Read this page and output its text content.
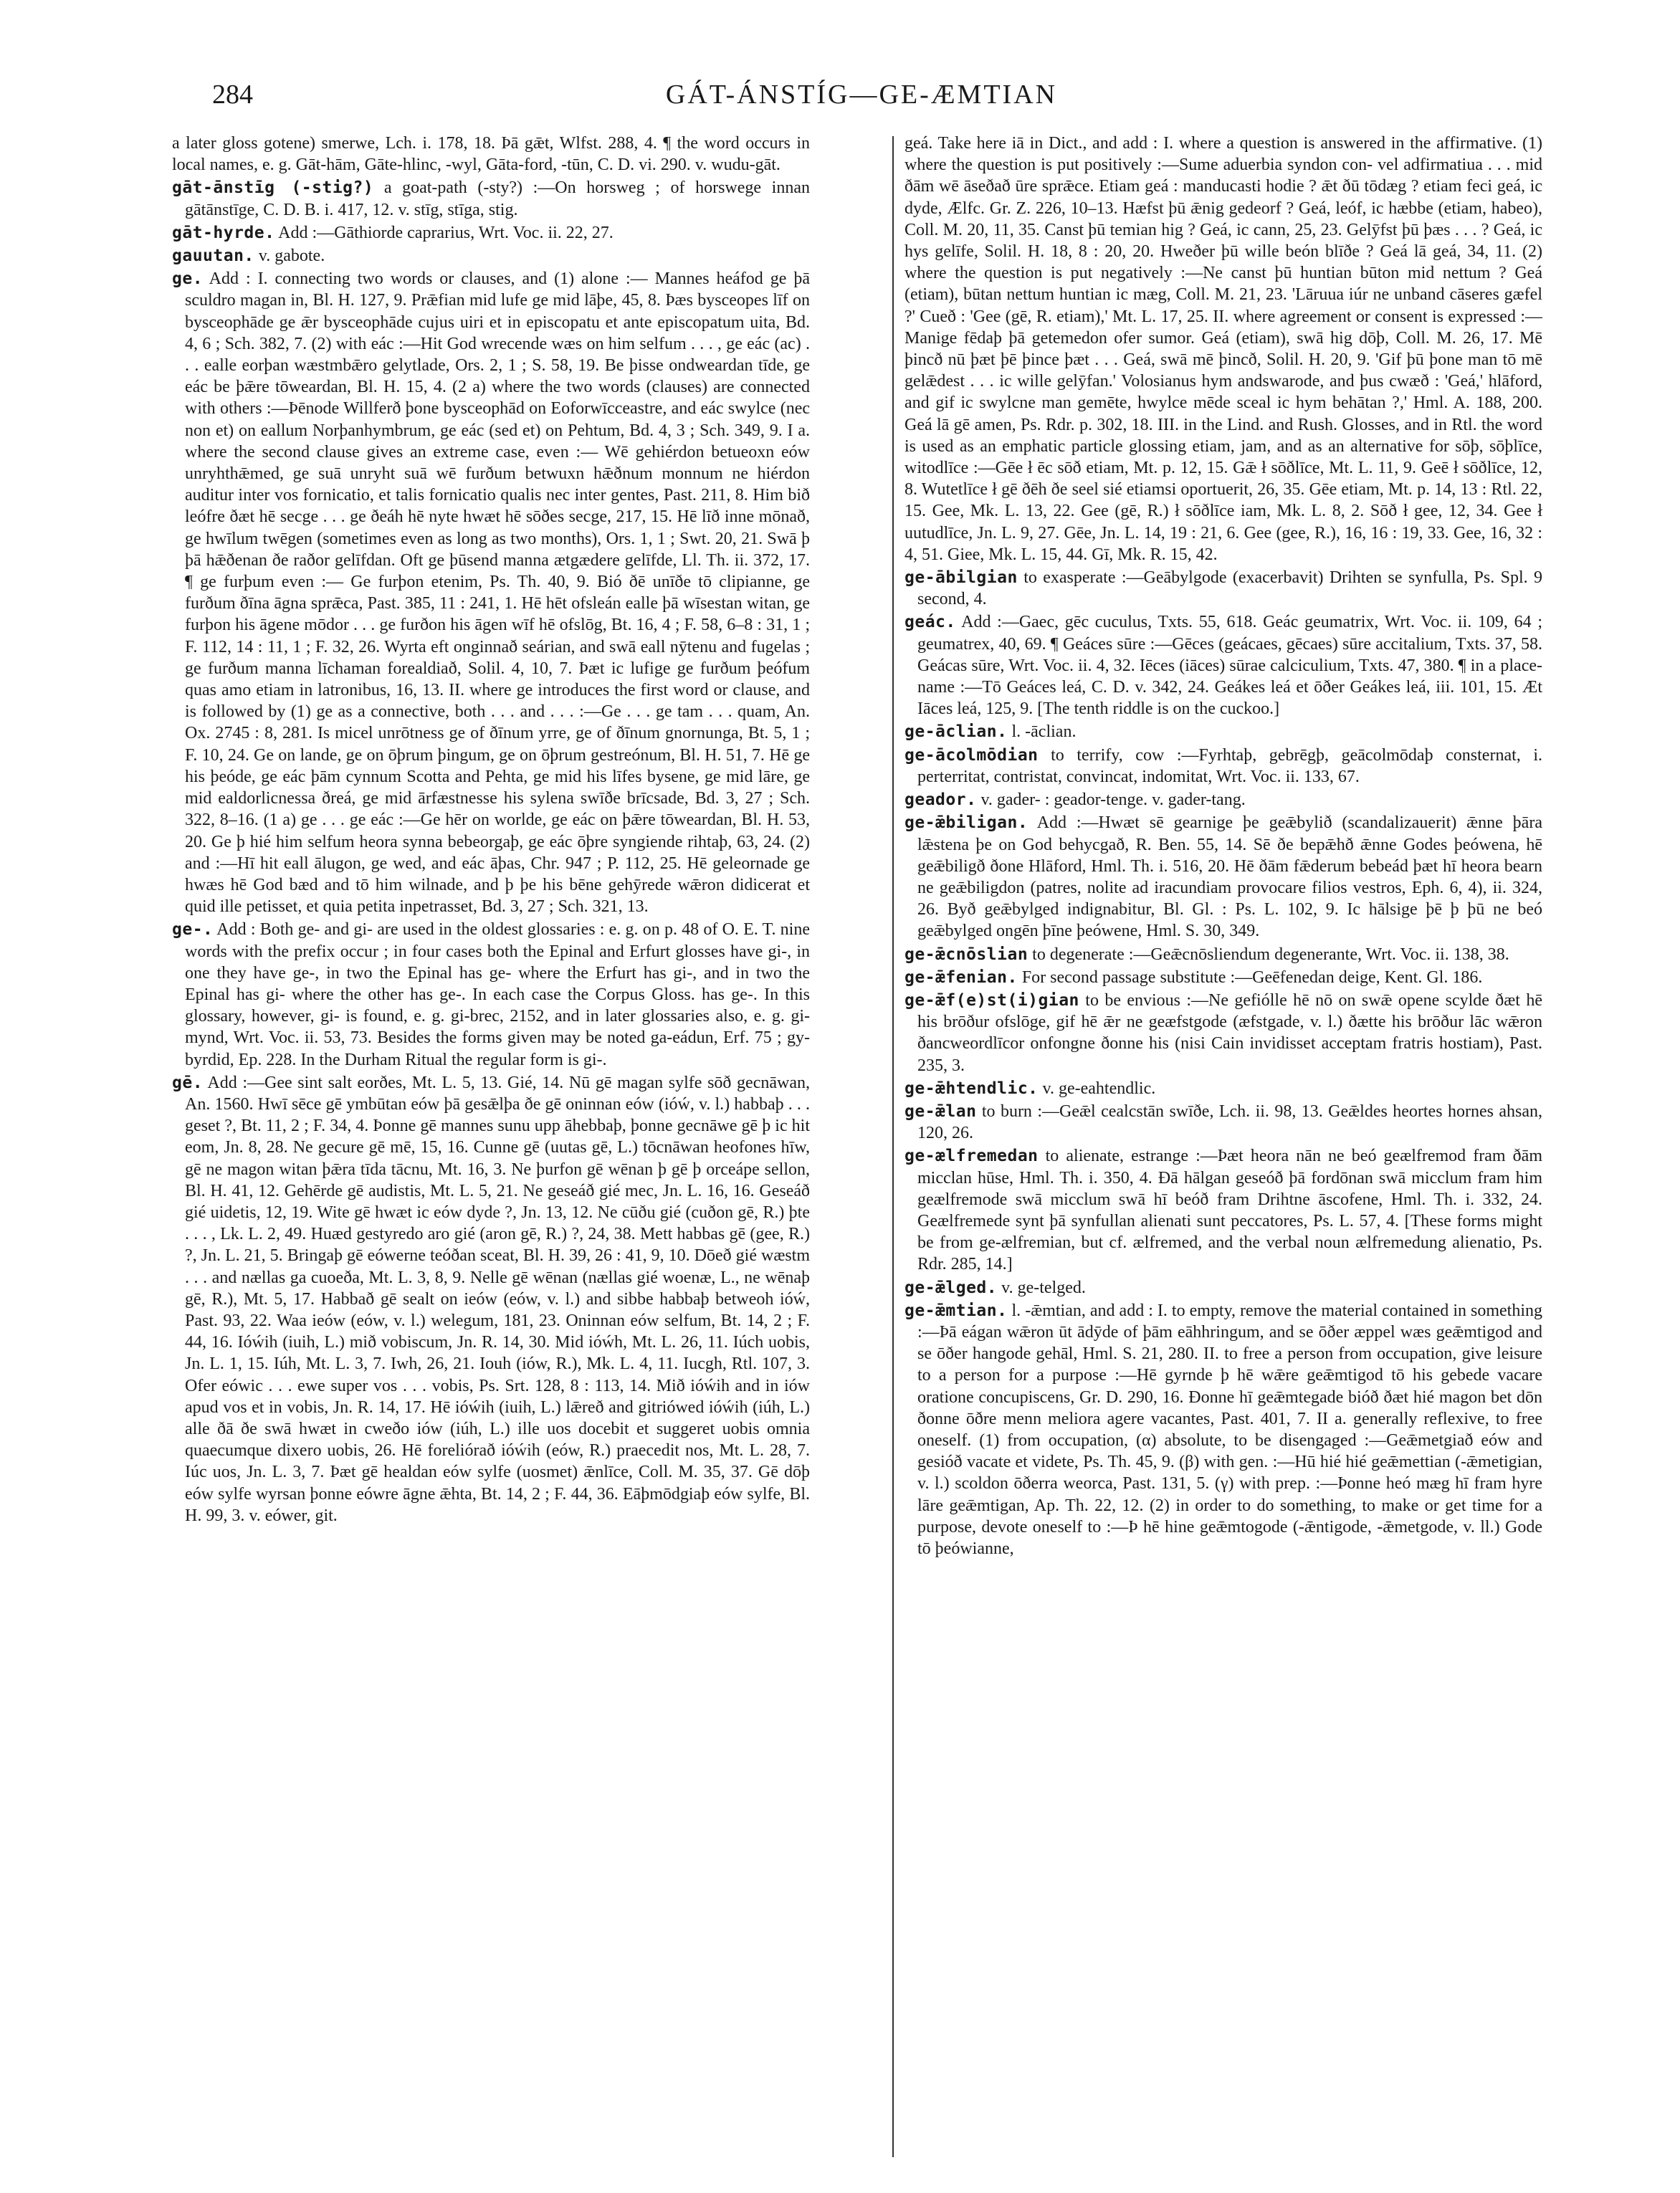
284	GÁT-ÁNSTÍG—GE-ÆMTIAN

a later gloss gotene) smerwe, Lch. i. 178, 18. Þā gǣt, Wlfst. 288, 4. ¶ the word occurs in local names, e. g. Gāt-hām, Gāte-hlinc, -wyl, Gāta-ford, -tūn, C. D. vi. 290. v. wudu-gāt.

gāt-ānstīg (-stig?) a goat-path (-sty?) :—On horsweg ; of horswege innan gātānstīge, C. D. B. i. 417, 12. v. stīg, stīga, stig.

gāt-hyrde. Add :—Gāthiorde caprarius, Wrt. Voc. ii. 22, 27.

gauutan. v. gabote.

ge. Add : I. connecting two words or clauses, and (1) alone :— Mannes heáfod ge þā sculdro magan in, Bl. H. 127, 9. Prǣfian mid lufe ge mid lāþe, 45, 8. Þæs bysceopes līf on bysceophāde ge ǣr bysceophāde cujus uiri et in episcopatu et ante episcopatum uita, Bd. 4, 6 ; Sch. 382, 7. (2) with eác :—Hit God wrecende wæs on him selfum . . . , ge eác (ac) . . . ealle eorþan wæstmbǣro gelytlade, Ors. 2, 1 ; S. 58, 19. Be þisse ondweardan tīde, ge eác be þǣre tōweardan, Bl. H. 15, 4. (2 a) where the two words (clauses) are connected with others :—Þēnode Willferð þone bysceophād on Eoforwīcceastre, and eác swylce (nec non et) on eallum Norþanhymbrum, ge eác (sed et) on Pehtum, Bd. 4, 3 ; Sch. 349, 9. I a. where the second clause gives an extreme case, even :— Wē gehiérdon betueoxn eów unryhthǣmed, ge suā unryht suā wē furðum betwuxn hǣðnum monnum ne hiérdon auditur inter vos fornicatio, et talis fornicatio qualis nec inter gentes, Past. 211, 8. Him bið leófre ðæt hē secge . . . ge ðeáh hē nyte hwæt hē sōðes secge, 217, 15. Hē līð inne mōnað, ge hwīlum twēgen (sometimes even as long as two months), Ors. 1, 1 ; Swt. 20, 21. Swā þ þā hǣðenan ðe raðor gelīfdan. Oft ge þūsend manna ætgædere gelīfde, Ll. Th. ii. 372, 17. ¶ ge furþum even :— Ge furþon etenim, Ps. Th. 40, 9. Bió ðē unīðe tō clipianne, ge furðum ðīna āgna sprǣca, Past. 385, 11 : 241, 1. Hē hēt ofsleán ealle þā wīsestan witan, ge furþon his āgene mōdor . . . ge furðon his āgen wīf hē ofslōg, Bt. 16, 4 ; F. 58, 6–8 : 31, 1 ; F. 112, 14 : 11, 1 ; F. 32, 26. Wyrta eft onginnað seárian, and swā eall nȳtenu and fugelas ; ge furðum manna līchaman forealdiað, Solil. 4, 10, 7. Þæt ic lufige ge furðum þeófum quas amo etiam in latronibus, 16, 13. II. where ge introduces the first word or clause, and is followed by (1) ge as a connective, both . . . and . . . :—Ge . . . ge tam . . . quam, An. Ox. 2745 : 8, 281. Is micel unrōtness ge of ðīnum yrre, ge of ðīnum gnornunga, Bt. 5, 1 ; F. 10, 24. Ge on lande, ge on ōþrum þingum, ge on ōþrum gestreónum, Bl. H. 51, 7. Hē ge his þeóde, ge eác þām cynnum Scotta and Pehta, ge mid his līfes bysene, ge mid lāre, ge mid ealdorlicnessa ðreá, ge mid ārfæstnesse his sylena swīðe brīcsade, Bd. 3, 27 ; Sch. 322, 8–16. (1 a) ge . . . ge eác :—Ge hēr on worlde, ge eác on þǣre tōweardan, Bl. H. 53, 20. Ge þ hié him selfum heora synna bebeorgaþ, ge eác ōþre syngiende rihtaþ, 63, 24. (2) and :—Hī hit eall ālugon, ge wed, and eác āþas, Chr. 947 ; P. 112, 25. Hē geleornade ge hwæs hē God bæd and tō him wilnade, and þ þe his bēne gehȳrede wǣron didicerat et quid ille petisset, et quia petita inpetrasset, Bd. 3, 27 ; Sch. 321, 13.

ge-. Add : Both ge- and gi- are used in the oldest glossaries : e. g. on p. 48 of O. E. T. nine words with the prefix occur ; in four cases both the Epinal and Erfurt glosses have gi-, in one they have ge-, in two the Epinal has ge- where the Erfurt has gi-, and in two the Epinal has gi- where the other has ge-. In each case the Corpus Gloss. has ge-. In this glossary, however, gi- is found, e. g. gi-brec, 2152, and in later glossaries also, e. g. gi-mynd, Wrt. Voc. ii. 53, 73. Besides the forms given may be noted ga-eádun, Erf. 75 ; gy-byrdid, Ep. 228. In the Durham Ritual the regular form is gi-.

gē. Add :—Gee sint salt eorðes, Mt. L. 5, 13. Gié, 14. Nū gē magan sylfe sōð gecnāwan, An. 1560. Hwī sēce gē ymbūtan eów þā gesǣlþa ðe gē oninnan eów (ióẃ, v. l.) habbaþ . . . geset ?, Bt. 11, 2 ; F. 34, 4. Þonne gē mannes sunu upp āhebbaþ, þonne gecnāwe gē þ ic hit eom, Jn. 8, 28. Ne gecure gē mē, 15, 16. Cunne gē (uutas gē, L.) tōcnāwan heofones hīw, gē ne magon witan þǣra tīda tācnu, Mt. 16, 3. Ne þurfon gē wēnan þ gē þ orceápe sellon, Bl. H. 41, 12. Gehērde gē audistis, Mt. L. 5, 21. Ne geseáð gié mec, Jn. L. 16, 16. Geseáð gié uidetis, 12, 19. Wite gē hwæt ic eów dyde ?, Jn. 13, 12. Ne cūðu gié (cuðon gē, R.) þte . . . , Lk. L. 2, 49. Huæd gestyredo aro gié (aron gē, R.) ?, 24, 38. Mett habbas gē (gee, R.) ?, Jn. L. 21, 5. Bringaþ gē eówerne teóðan sceat, Bl. H. 39, 26 : 41, 9, 10. Dōeð gié wæstm . . . and nællas ga cuoeða, Mt. L. 3, 8, 9. Nelle gē wēnan (nællas gié woenæ, L., ne wēnaþ gē, R.), Mt. 5, 17. Habbað gē sealt on ieów (eów, v. l.) and sibbe habbaþ betweoh ióẃ, Past. 93, 22. Waa ieów (eów, v. l.) welegum, 181, 23. Oninnan eów selfum, Bt. 14, 2 ; F. 44, 16. Ióẃih (iuih, L.) mið vobiscum, Jn. R. 14, 30. Mid ióẃh, Mt. L. 26, 11. Iúch uobis, Jn. L. 1, 15. Iúh, Mt. L. 3, 7. Iwh, 26, 21. Iouh (iów, R.), Mk. L. 4, 11. Iucgh, Rtl. 107, 3. Ofer eówic . . . ewe super vos . . . vobis, Ps. Srt. 128, 8 : 113, 14. Mið ióẃih and in iów apud vos et in vobis, Jn. R. 14, 17. Hē ióẃih (iuih, L.) lǣreð and gitriówed ióẃih (iúh, L.) alle ðā ðe swā hwæt in cweðo iów (iúh, L.) ille uos docebit et suggeret uobis omnia quaecumque dixero uobis, 26. Hē foreliórað ióẃih (eów, R.) praecedit nos, Mt. L. 28, 7. Iúc uos, Jn. L. 3, 7. Þæt gē healdan eów sylfe (uosmet) ǣnlīce, Coll. M. 35, 37. Gē dōþ eów sylfe wyrsan þonne eówre āgne ǣhta, Bt. 14, 2 ; F. 44, 36. Eāþmōdgiaþ eów sylfe, Bl. H. 99, 3. v. eówer, git.

geá. Take here iā in Dict., and add : I. where a question is answered in the affirmative. (1) where the question is put positively :—Sume aduerbia syndon con- vel adfirmatiua . . . mid ðām wē āseðað ūre sprǣce. Etiam geá : manducasti hodie ? ǣt ðū tōdæg ? etiam feci geá, ic dyde, Ælfc. Gr. Z. 226, 10–13. Hæfst þū ǣnig gedeorf ? Geá, leóf, ic hæbbe (etiam, habeo), Coll. M. 20, 11, 35. Canst þū temian hig ? Geá, ic cann, 25, 23. Gelȳfst þū þæs . . . ? Geá, ic hys gelīfe, Solil. H. 18, 8 : 20, 20. Hweðer þū wille beón blīðe ? Geá lā geá, 34, 11. (2) where the question is put negatively :—Ne canst þū huntian būton mid nettum ? Geá (etiam), būtan nettum huntian ic mæg, Coll. M. 21, 23. 'Lāruua iúr ne unband cāseres gæfel ?' Cueð : 'Gee (gē, R. etiam),' Mt. L. 17, 25. II. where agreement or consent is expressed :—Manige fēdaþ þā getemedon ofer sumor. Geá (etiam), swā hig dōþ, Coll. M. 26, 17. Mē þincð nū þæt þē þince þæt . . . Geá, swā mē þincð, Solil. H. 20, 9. 'Gif þū þone man tō mē gelǣdest . . . ic wille gelȳfan.' Volosianus hym andswarode, and þus cwæð : 'Geá,' hlāford, and gif ic swylcne man gemēte, hwylce mēde sceal ic hym behātan ?,' Hml. A. 188, 200. Geá lā gē amen, Ps. Rdr. p. 302, 18. III. in the Lind. and Rush. Glosses, and in Rtl. the word is used as an emphatic particle glossing etiam, jam, and as an alternative for sōþ, sōþlīce, witodlīce :—Gēe ł ēc sōð etiam, Mt. p. 12, 15. Gǣ ł sōðlīce, Mt. L. 11, 9. Geē ł sōðlīce, 12, 8. Wutetlīce ł gē ðēh ðe seel sié etiamsi oportuerit, 26, 35. Gēe etiam, Mt. p. 14, 13 : Rtl. 22, 15. Gee, Mk. L. 13, 22. Gee (gē, R.) ł sōðlīce iam, Mk. L. 8, 2. Sōð ł gee, 12, 34. Gee ł uutudlīce, Jn. L. 9, 27. Gēe, Jn. L. 14, 19 : 21, 6. Gee (gee, R.), 16, 16 : 19, 33. Gee, 16, 32 : 4, 51. Giee, Mk. L. 15, 44. Gī, Mk. R. 15, 42.

ge-ābilgian to exasperate :—Geābylgode (exacerbavit) Drihten se synfulla, Ps. Spl. 9 second, 4.

geác. Add :—Gaec, gēc cuculus, Txts. 55, 618. Geác geumatrix, Wrt. Voc. ii. 109, 64 ; geumatrex, 40, 69. ¶ Geáces sūre :—Gēces (geácaes, gēcaes) sūre accitalium, Txts. 37, 58. Geácas sūre, Wrt. Voc. ii. 4, 32. Iēces (iāces) sūrae calciculium, Txts. 47, 380. ¶ in a place-name :—Tō Geáces leá, C. D. v. 342, 24. Geákes leá et ōðer Geákes leá, iii. 101, 15. Æt Iāces leá, 125, 9. [The tenth riddle is on the cuckoo.]

ge-āclian. l. -āclian.

ge-ācolmōdian to terrify, cow :—Fyrhtaþ, gebrēgþ, geācolmōdaþ consternat, i. perterritat, contristat, convincat, indomitat, Wrt. Voc. ii. 133, 67.

geador. v. gader- : geador-tenge. v. gader-tang.

ge-ǣbiligan. Add :—Hwæt sē gearnige þe geǣbylið (scandalizauerit) ǣnne þāra lǣstena þe on God behycgað, R. Ben. 55, 14. Sē ðe bepǣhð ǣnne Godes þeówena, hē geǣbiligð ðone Hlāford, Hml. Th. i. 516, 20. Hē ðām fǣderum bebeád þæt hī heora bearn ne geǣbiligdon (patres, nolite ad iracundiam provocare filios vestros, Eph. 6, 4), ii. 324, 26. Byð geǣbylged indignabitur, Bl. Gl. : Ps. L. 102, 9. Ic hālsige þē þ þū ne beó geǣbylged ongēn þīne þeówene, Hml. S. 30, 349.

ge-ǣcnōslian to degenerate :—Geǣcnōsliendum degenerante, Wrt. Voc. ii. 138, 38.

ge-ǣfenian. For second passage substitute :—Geēfenedan deige, Kent. Gl. 186.

ge-ǣf(e)st(i)gian to be envious :—Ne gefiólle hē nō on swǣ opene scylde ðæt hē his brōður ofslōge, gif hē ǣr ne geæfstgode (æfstgade, v. l.) ðætte his brōður lāc wǣron ðancweordlīcor onfongne ðonne his (nisi Cain invidisset acceptam fratris hostiam), Past. 235, 3.

ge-ǣhtendlic. v. ge-eahtendlic.

ge-ǣlan to burn :—Geǣl cealcstān swīðe, Lch. ii. 98, 13. Geǣldes heortes hornes ahsan, 120, 26.

ge-ælfremedan to alienate, estrange :—Þæt heora nān ne beó geælfremod fram ðām micclan hūse, Hml. Th. i. 350, 4. Ðā hālgan geseóð þā fordōnan swā micclum fram him geælfremode swā micclum swā hī beóð fram Drihtne āscofene, Hml. Th. i. 332, 24. Geælfremede synt þā synfullan alienati sunt peccatores, Ps. L. 57, 4. [These forms might be from ge-ælfremian, but cf. ælfremed, and the verbal noun ælfremedung alienatio, Ps. Rdr. 285, 14.]

ge-ǣlged. v. ge-telged.

ge-ǣmtian. l. -ǣmtian, and add : I. to empty, remove the material contained in something :—Þā eágan wǣron ūt ādȳde of þām eāhhringum, and se ōðer æppel wæs geǣmtigod and se ōðer hangode gehāl, Hml. S. 21, 280. II. to free a person from occupation, give leisure to a person for a purpose :—Hē gyrnde þ hē wǣre geǣmtigod tō his gebede vacare oratione concupiscens, Gr. D. 290, 16. Ðonne hī geǣmtegade bióð ðæt hié magon bet dōn ðonne ōðre menn meliora agere vacantes, Past. 401, 7. II a. generally reflexive, to free oneself. (1) from occupation, (α) absolute, to be disengaged :—Geǣmetgiað eów and gesióð vacate et videte, Ps. Th. 45, 9. (β) with gen. :—Hū hié hié geǣmettian (-ǣmetigian, v. l.) scoldon ōðerra weorca, Past. 131, 5. (γ) with prep. :—Þonne heó mæg hī fram hyre lāre geǣmtigan, Ap. Th. 22, 12. (2) in order to do something, to make or get time for a purpose, devote oneself to :—Þ hē hine geǣmtogode (-ǣntigode, -ǣmetgode, v. ll.) Gode tō þeówianne,
